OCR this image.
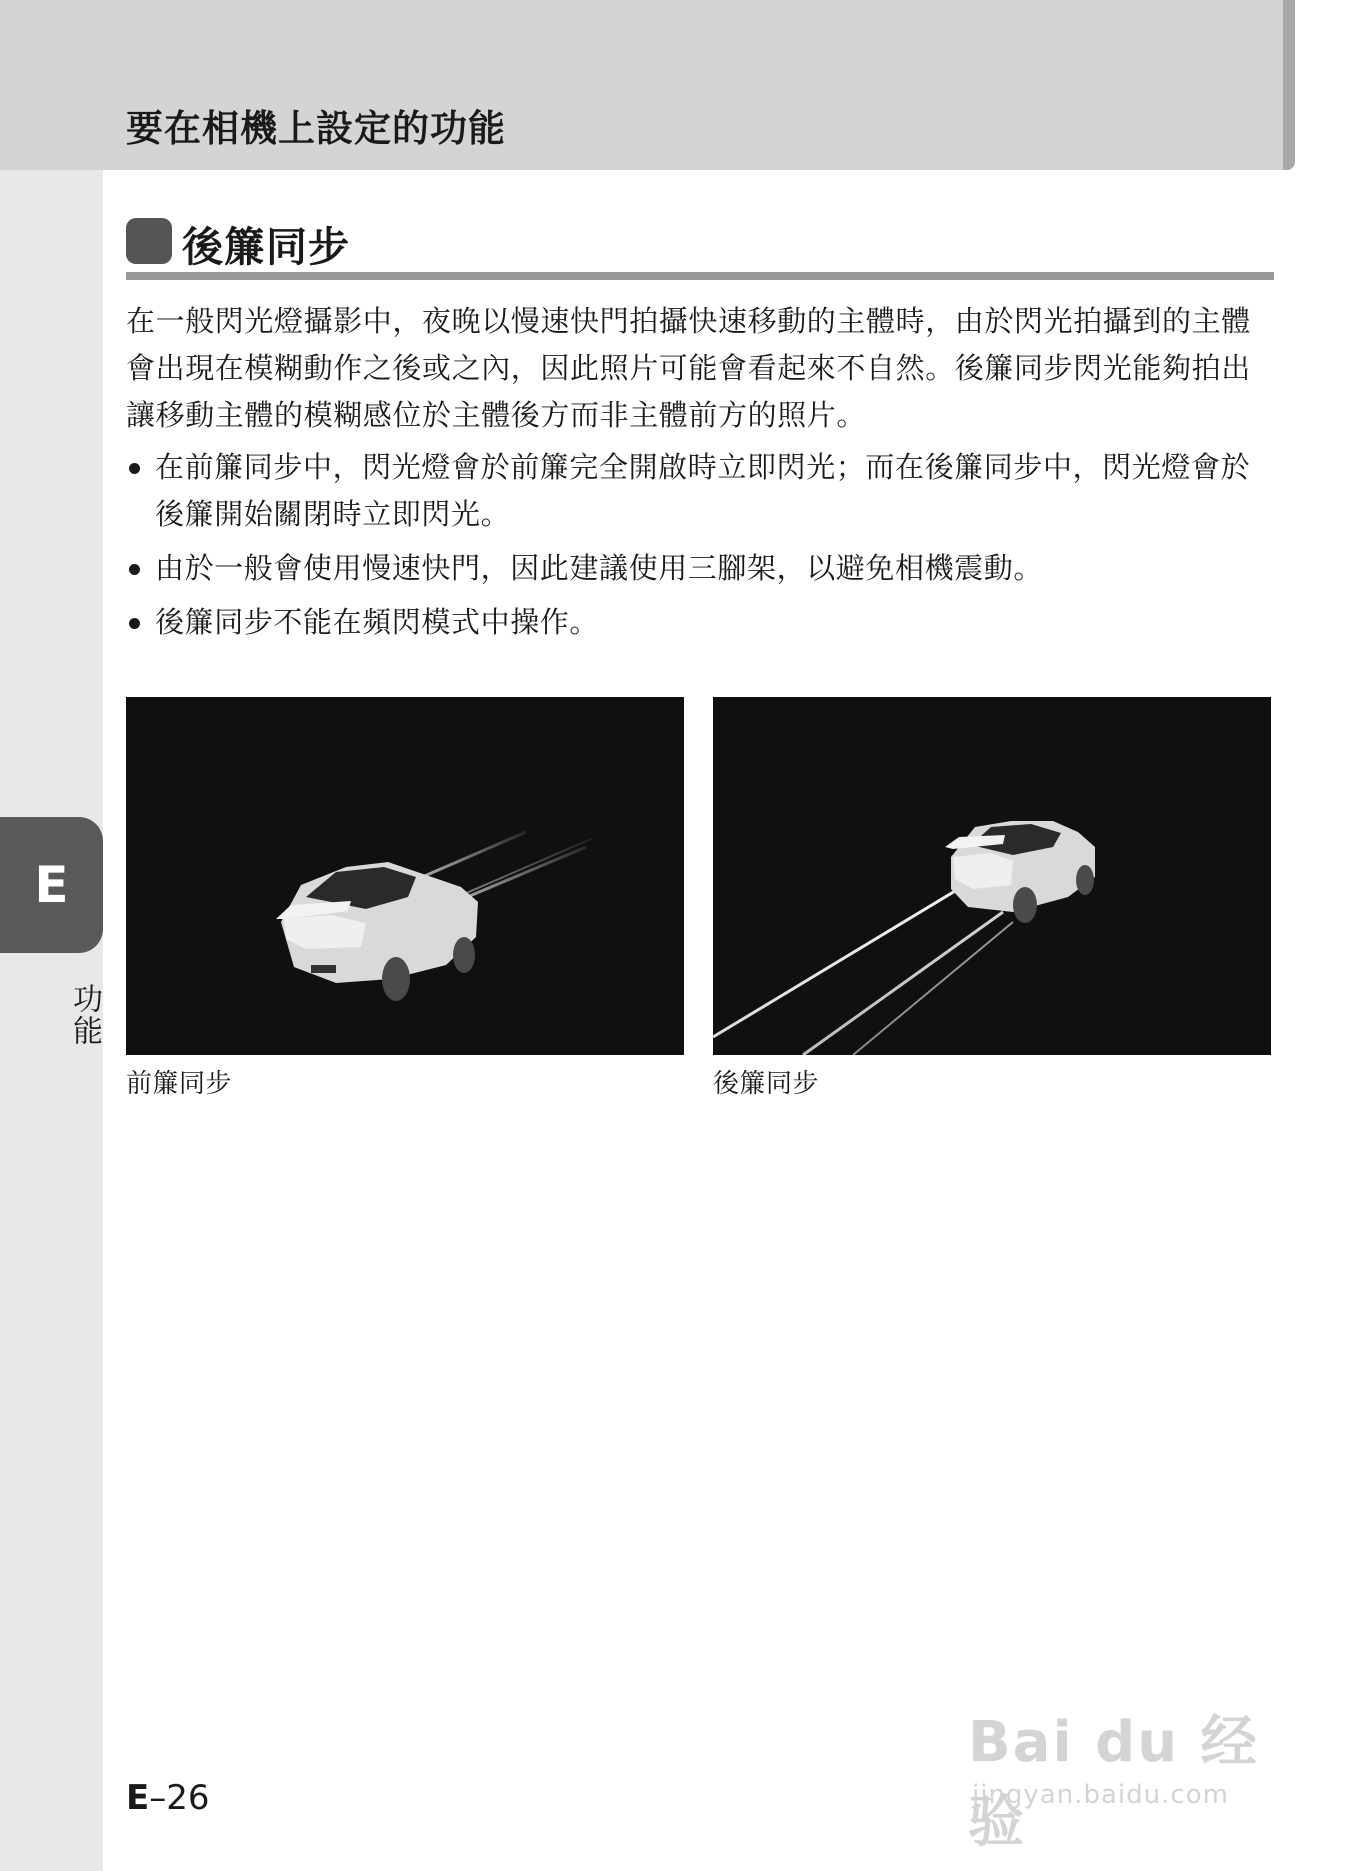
要在相機上設定的功能
後簾同步
在一般閃光燈攝影中，夜晚以慢速快門拍攝快速移動的主體時，由於閃光拍攝到的主體會出現在模糊動作之後或之內，因此照片可能會看起來不自然。後簾同步閃光能夠拍出讓移動主體的模糊感位於主體後方而非主體前方的照片。
在前簾同步中，閃光燈會於前簾完全開啟時立即閃光；而在後簾同步中，閃光燈會於後簾開始關閉時立即閃光。
由於一般會使用慢速快門，因此建議使用三腳架，以避免相機震動。
後簾同步不能在頻閃模式中操作。
前簾同步	後簾同步
E
功能
E–26
Bai du 经验
jingyan.baidu.com
